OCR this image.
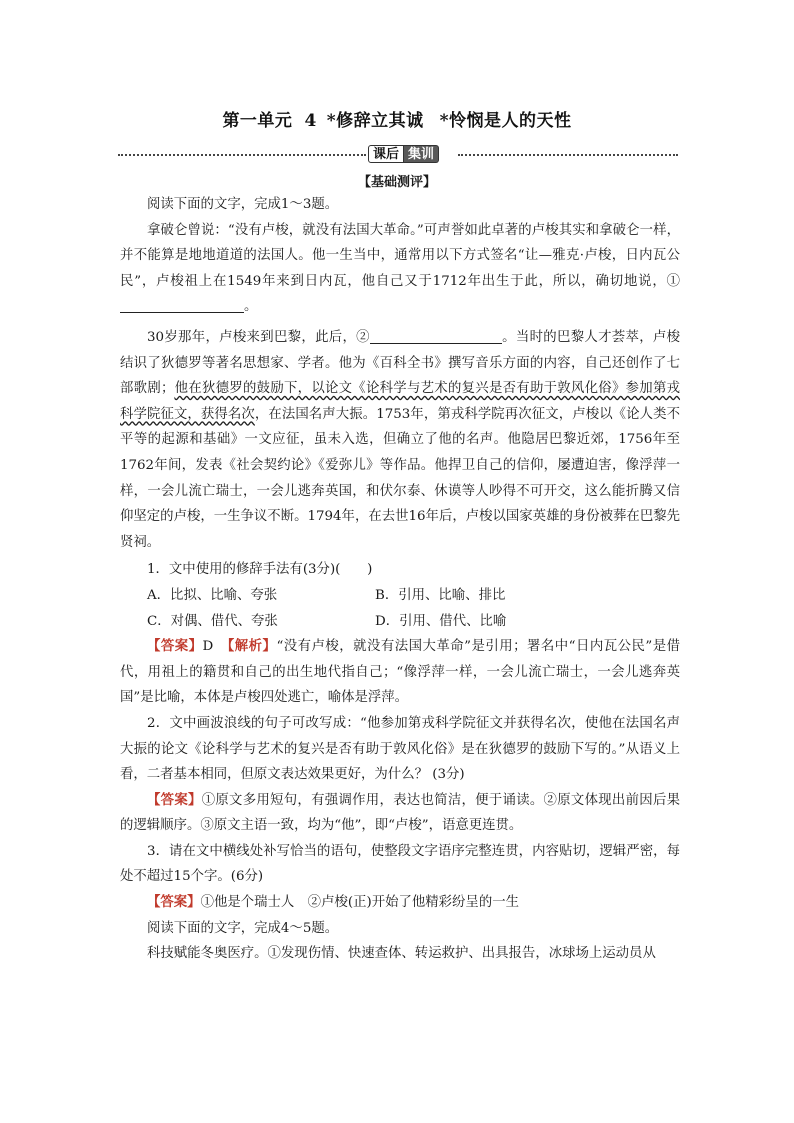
第一单元 4 *修辞立其诚 *怜悯是人的天性
课后 集训
【基础测评】

阅读下面的文字，完成1～3题。

拿破仑曾说：“没有卢梭，就没有法国大革命。”可声誉如此卓著的卢梭其实和拿破仑一样，并不能算是地地道道的法国人。他一生当中，通常用以下方式签名“让—雅克·卢梭，日内瓦公民”，卢梭祖上在1549年来到日内瓦，他自己又于1712年出生于此，所以，确切地说，①。

30岁那年，卢梭来到巴黎，此后，②	。当时的巴黎人才荟萃，卢梭结识了狄德罗等著名思想家、学者。他为《百科全书》撰写音乐方面的内容，自己还创作了七部歌剧；他在狄德罗的鼓励下，以论文《论科学与艺术的复兴是否有助于敦风化俗》参加第戎科学院征文，获得名次，在法国名声大振。1753年，第戎科学院再次征文，卢梭以《论人类不平等的起源和基础》一文应征，虽未入选，但确立了他的名声。他隐居巴黎近郊，1756年至1762年间，发表《社会契约论》《爱弥儿》等作品。他捍卫自己的信仰，屡遭迫害，像浮萍一样，一会儿流亡瑞士，一会儿逃奔英国，和伏尔泰、休谟等人吵得不可开交，这么能折腾又信仰坚定的卢梭，一生争议不断。1794年，在去世16年后，卢梭以国家英雄的身份被葬在巴黎先贤祠。

1．文中使用的修辞手法有(3分)(　　)

A．比拟、比喻、夸张	B．引用、比喻、排比
C．对偶、借代、夸张	D．引用、借代、比喻

【答案】D　【解析】“没有卢梭，就没有法国大革命”是引用；署名中“日内瓦公民”是借代，用祖上的籍贯和自己的出生地代指自己；“像浮萍一样，一会儿流亡瑞士，一会儿逃奔英国”是比喻，本体是卢梭四处逃亡，喻体是浮萍。

2．文中画波浪线的句子可改写成：“他参加第戎科学院征文并获得名次，使他在法国名声大振的论文《论科学与艺术的复兴是否有助于敦风化俗》是在狄德罗的鼓励下写的。”从语义上看，二者基本相同，但原文表达效果更好，为什么？ (3分)

【答案】①原文多用短句，有强调作用，表达也简洁，便于诵读。②原文体现出前因后果的逻辑顺序。③原文主语一致，均为“他”，即“卢梭”，语意更连贯。

3．请在文中横线处补写恰当的语句，使整段文字语序完整连贯，内容贴切，逻辑严密，每处不超过15个字。(6分)

【答案】①他是个瑞士人　②卢梭(正)开始了他精彩纷呈的一生

阅读下面的文字，完成4～5题。

科技赋能冬奥医疗。①发现伤情、快速查体、转运救护、出具报告，冰球场上运动员从
